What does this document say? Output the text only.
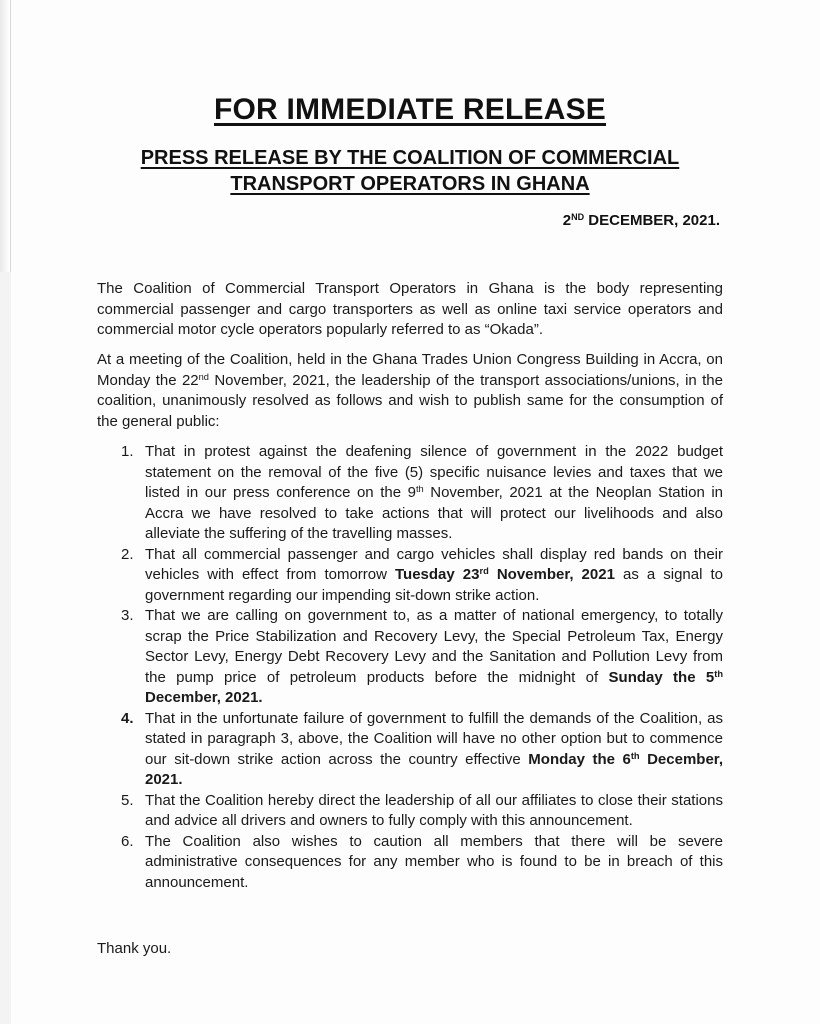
FOR IMMEDIATE RELEASE
PRESS RELEASE BY THE COALITION OF COMMERCIAL TRANSPORT OPERATORS IN GHANA
2ND DECEMBER, 2021.

The Coalition of Commercial Transport Operators in Ghana is the body representing commercial passenger and cargo transporters as well as online taxi service operators and commercial motor cycle operators popularly referred to as “Okada”.

At a meeting of the Coalition, held in the Ghana Trades Union Congress Building in Accra, on Monday the 22nd November, 2021, the leadership of the transport associations/unions, in the coalition, unanimously resolved as follows and wish to publish same for the consumption of the general public:

1. That in protest against the deafening silence of government in the 2022 budget statement on the removal of the five (5) specific nuisance levies and taxes that we listed in our press conference on the 9th November, 2021 at the Neoplan Station in Accra we have resolved to take actions that will protect our livelihoods and also alleviate the suffering of the travelling masses.
2. That all commercial passenger and cargo vehicles shall display red bands on their vehicles with effect from tomorrow Tuesday 23rd November, 2021 as a signal to government regarding our impending sit-down strike action.
3. That we are calling on government to, as a matter of national emergency, to totally scrap the Price Stabilization and Recovery Levy, the Special Petroleum Tax, Energy Sector Levy, Energy Debt Recovery Levy and the Sanitation and Pollution Levy from the pump price of petroleum products before the midnight of Sunday the 5th December, 2021.
4. That in the unfortunate failure of government to fulfill the demands of the Coalition, as stated in paragraph 3, above, the Coalition will have no other option but to commence our sit-down strike action across the country effective Monday the 6th December, 2021.
5. That the Coalition hereby direct the leadership of all our affiliates to close their stations and advice all drivers and owners to fully comply with this announcement.
6. The Coalition also wishes to caution all members that there will be severe administrative consequences for any member who is found to be in breach of this announcement.
Thank you.
